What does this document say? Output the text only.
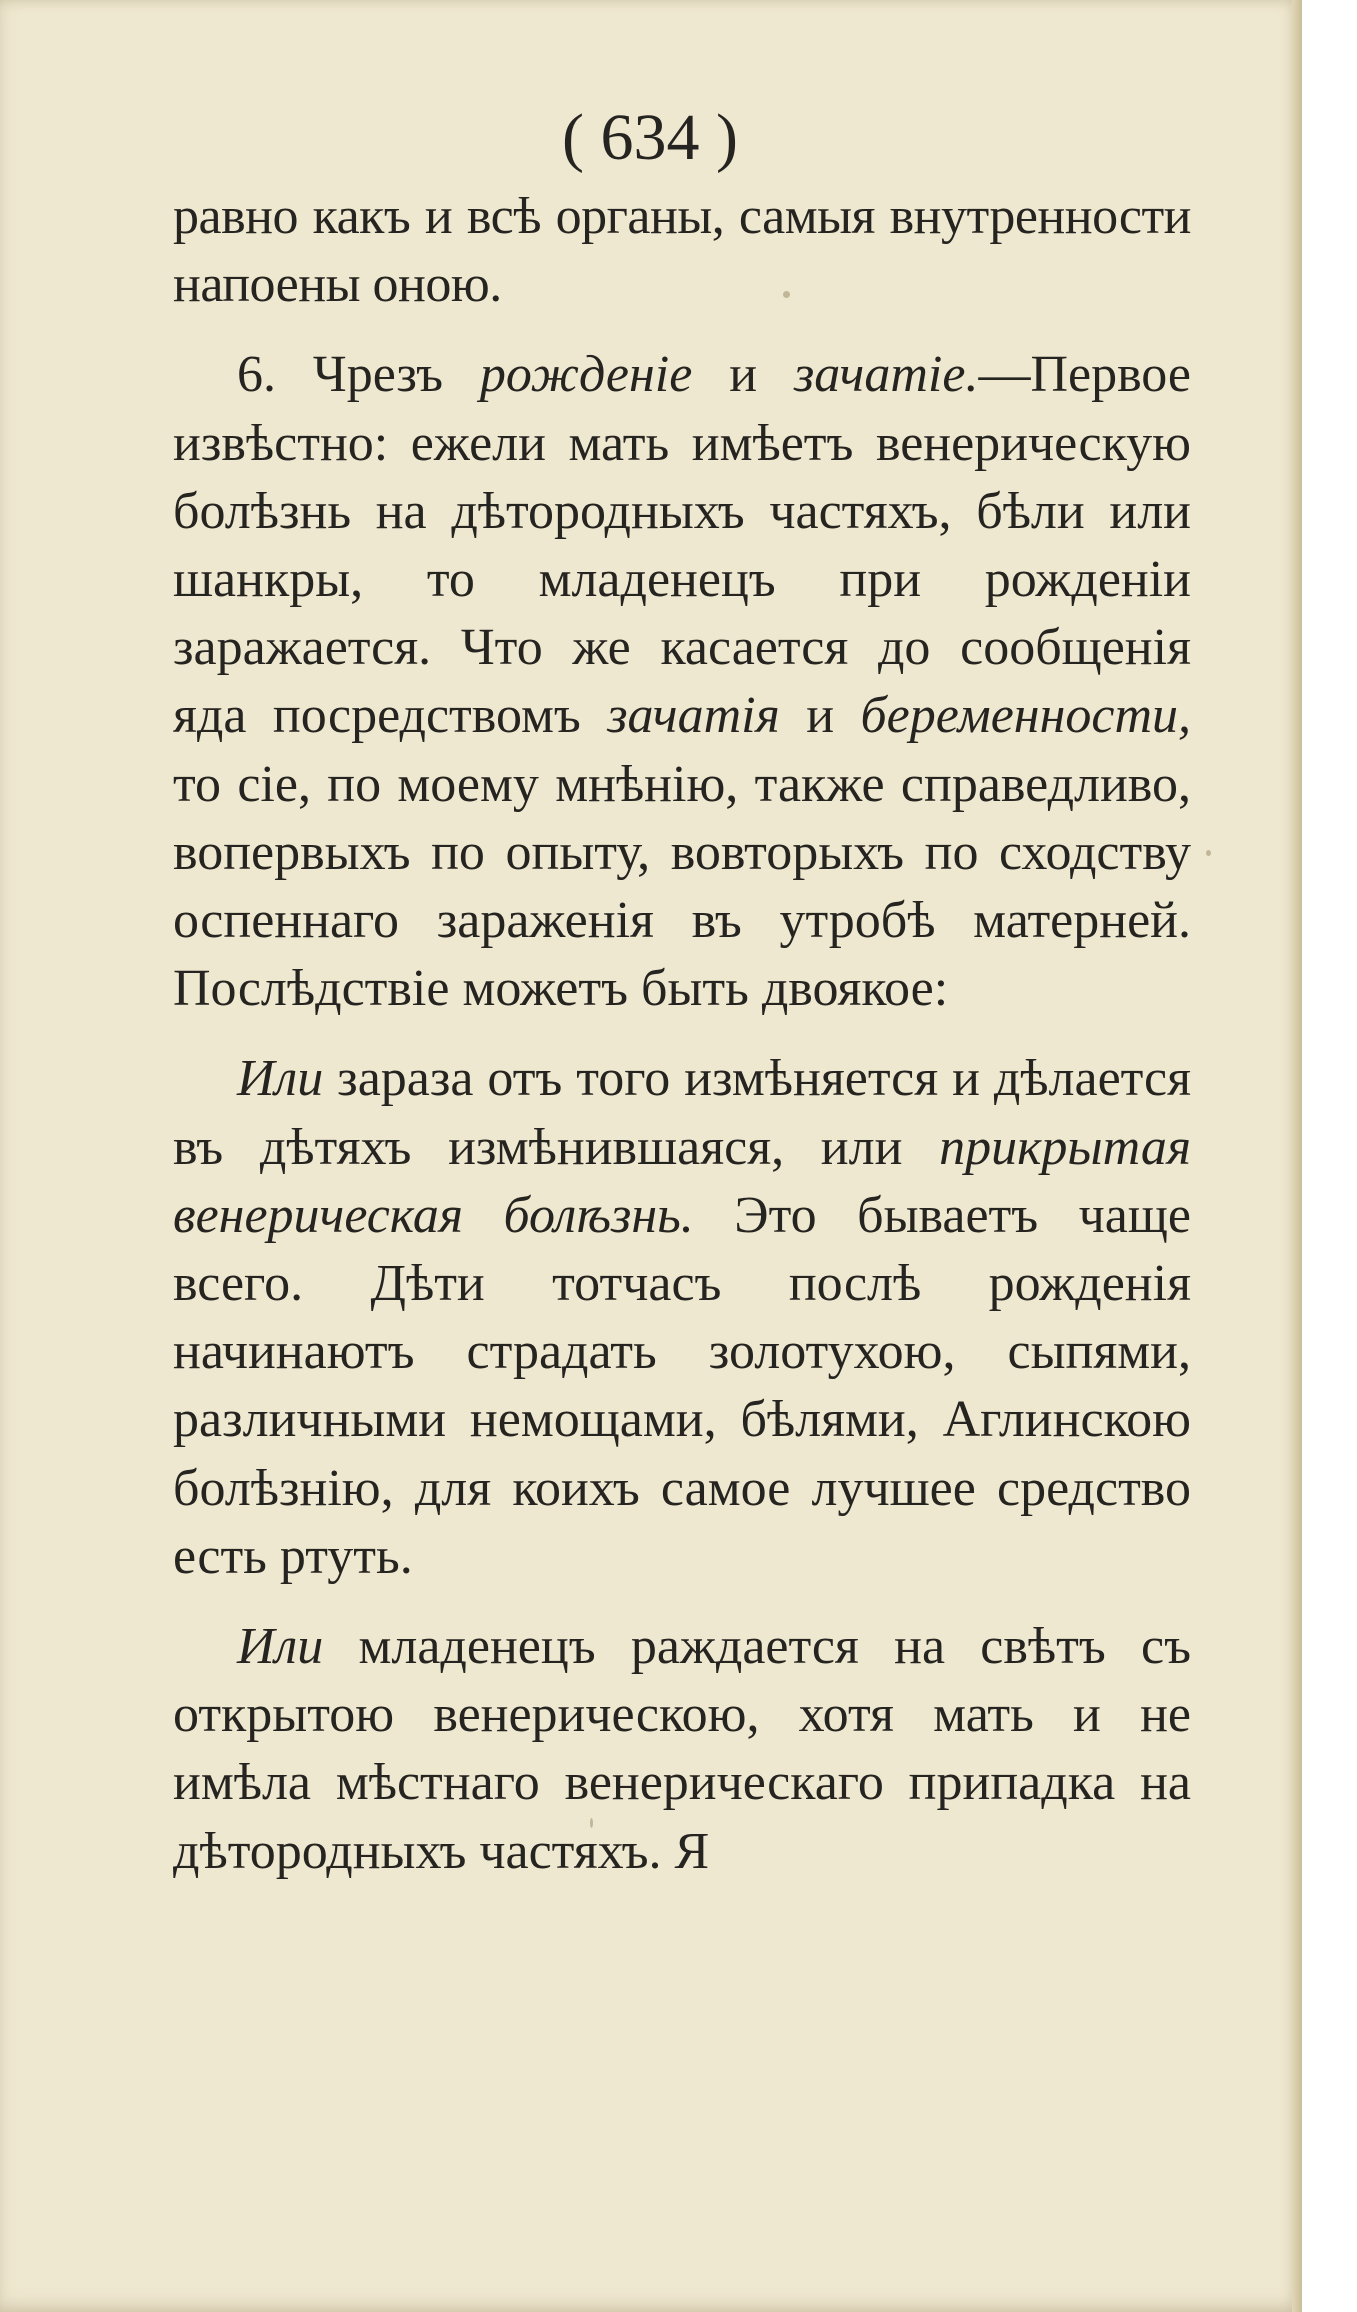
( 634 )

равно какъ и всѣ органы, самыя внутренности напоены оною.

6. Чрезъ рожденіе и зачатіе.—Первое извѣстно: ежели мать имѣетъ венерическую болѣзнь на дѣтородныхъ частяхъ, бѣли или шанкры, то младенецъ при рожденіи заражается. Что же касается до сообщенія яда посредствомъ зачатія и беременности, то сіе, по моему мнѣнію, также справедливо, вопервыхъ по опыту, вовторыхъ по сходству оспеннаго зараженія въ утробѣ матерней. Послѣдствіе можетъ быть двоякое:

Или зараза отъ того измѣняется и дѣлается въ дѣтяхъ измѣнившаяся, или прикрытая венерическая болѣзнь. Это бываетъ чаще всего. Дѣти тотчасъ послѣ рожденія начинаютъ страдать золотухою, сыпями, различными немощами, бѣлями, Аглинскою болѣзнію, для коихъ самое лучшее средство есть ртуть.

Или младенецъ раждается на свѣтъ съ открытою венерическою, хотя мать и не имѣла мѣстнаго венерическаго припадка на дѣтородныхъ частяхъ. Я
